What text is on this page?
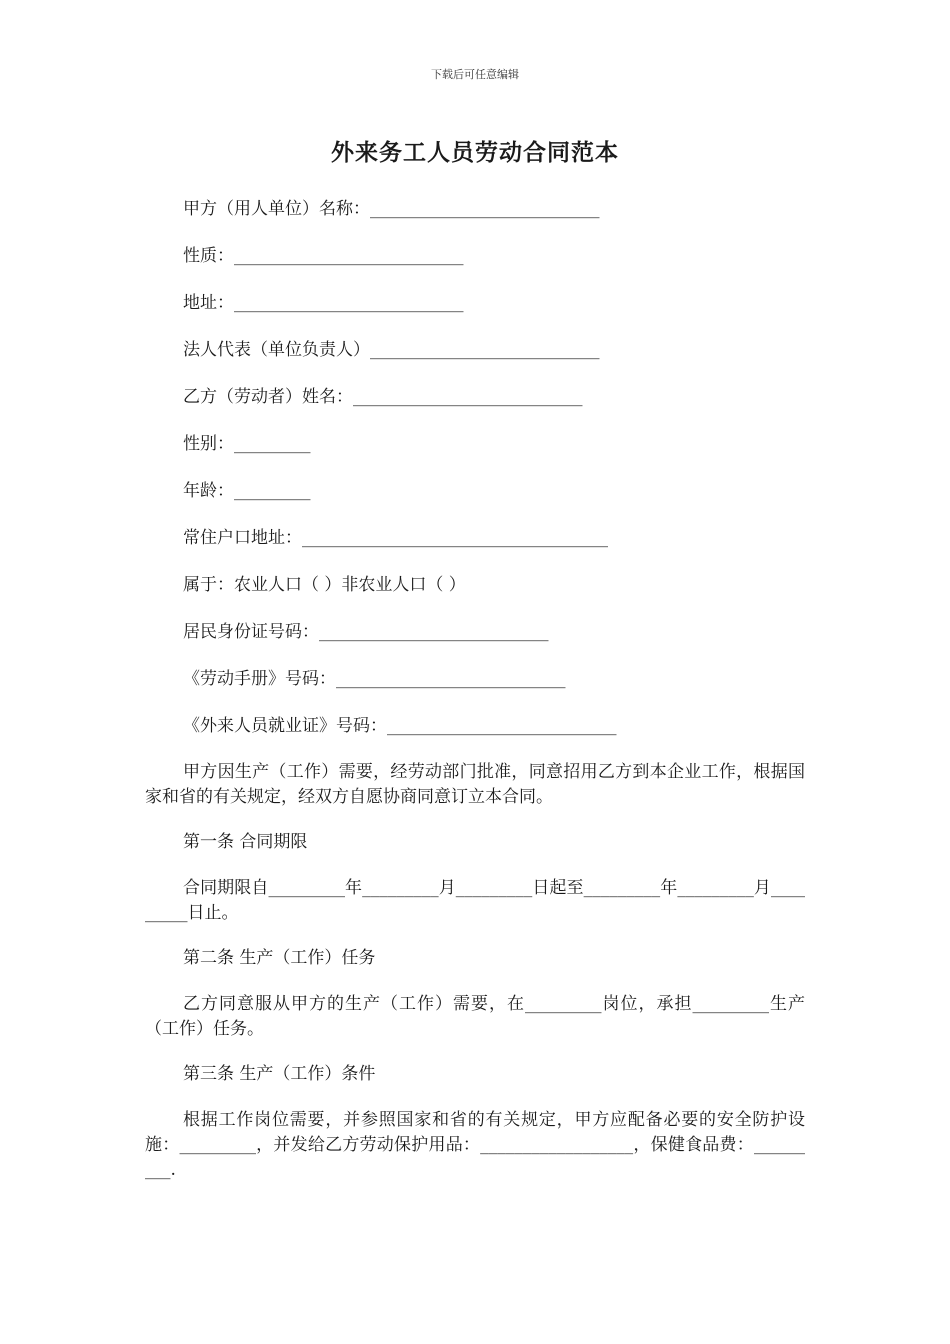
下载后可任意编辑
外来务工人员劳动合同范本
甲方（用人单位）名称：___________________________
性质：___________________________
地址：___________________________
法人代表（单位负责人）___________________________
乙方（劳动者）姓名：___________________________
性别：_________
年龄：_________
常住户口地址：____________________________________
属于：农业人口（ ）非农业人口（ ）
居民身份证号码：___________________________
《劳动手册》号码：___________________________
《外来人员就业证》号码：___________________________
甲方因生产（工作）需要，经劳动部门批准，同意招用乙方到本企业工作，根据国家和省的有关规定，经双方自愿协商同意订立本合同。
第一条 合同期限
合同期限自_________年_________月_________日起至_________年_________月_________日止。
第二条 生产（工作）任务
乙方同意服从甲方的生产（工作）需要，在_________岗位，承担_________生产（工作）任务。
第三条 生产（工作）条件
根据工作岗位需要，并参照国家和省的有关规定，甲方应配备必要的安全防护设施：_________，并发给乙方劳动保护用品：__________________，保健食品费：_________.
